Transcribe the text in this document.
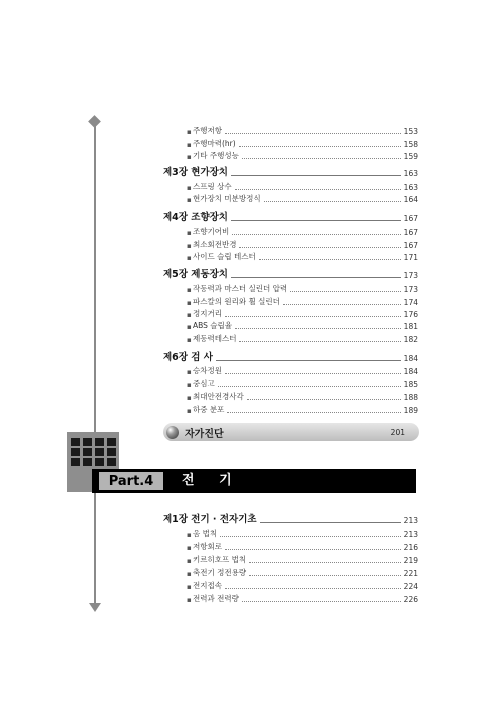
▪ 주행저항	153
▪ 주행마력(hr)	158
▪ 기타 주행성능	159
제3장 현가장치	163
▪ 스프링 상수	163
▪ 현가장치 미분방정식	164
제4장 조향장치	167
▪ 조향기어비	167
▪ 최소회전반경	167
▪ 사이드 슬립 테스터	171
제5장 제동장치	173
▪ 작동력과 마스터 실린더 압력	173
▪ 파스칼의 원리와 휠 실린더	174
▪ 정지거리	176
▪ ABS 슬립율	181
▪ 제동력테스터	182
제6장 검 사	184
▪ 승차정원	184
▪ 중심고	185
▪ 최대안전경사각	188
▪ 하중 분포	189
제1장 전기 · 전자기초	213
▪ 옴 법칙	213
▪ 저항회로	216
▪ 키르히호프 법칙	219
▪ 축전기 정전용량	221
▪ 전지접속	224
▪ 전력과 전력량	226
자가진단	201
Part.4	전 기
